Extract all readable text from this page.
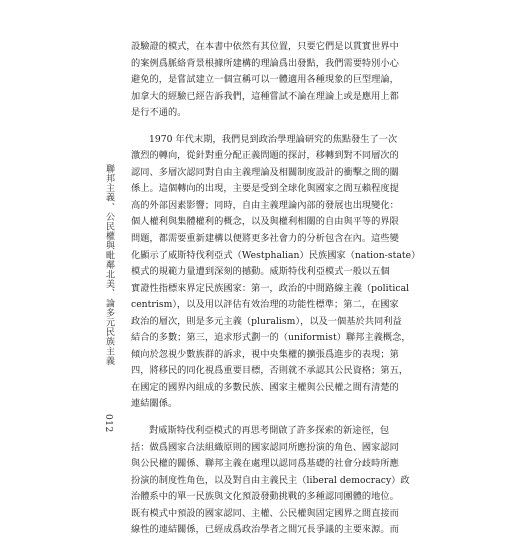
聯邦主義、公民權與毗鄰北美、論多元民族主義
012

設驗證的模式，在本書中依然有其位置，只要它們是以貫實世界中
的案例爲脈絡背景根據所建構的理論爲出發點，我們需要特別小心
避免的，是嘗試建立一個宣稱可以一體適用各種現象的巨型理論，
加拿大的經驗已經告訴我們，這種嘗試不論在理論上或是應用上都
是行不通的。

1970 年代末期，我們見到政治學理論研究的焦點發生了一次
激烈的轉向，從針對重分配正義問題的探討，移轉到對不同層次的
認同、多層次認同對自由主義理論及相關制度設計的衝擊之間的關
係上。這個轉向的出現，主要是受到全球化與國家之間互賴程度提
高的外部因素影響；同時，自由主義理論內部的發展也出現變化：
個人權利與集體權利的概念，以及與權利相關的自由與平等的界限
問題，都需要重新建構以便將更多社會力的分析包含在內。這些變
化顯示了威斯特伐利亞式（Westphalian）民族國家（nation-state）
模式的規範力量遭到深刻的撼動。威斯特伐利亞模式一般以五個
實證性指標來界定民族國家：第一，政治的中間路線主義（political
centrism），以及用以評估有效治理的功能性標準；第二，在國家
政治的層次，則是多元主義（pluralism），以及一個基於共同利益
結合的多數；第三，追求形式劃一的（uniformist）聯邦主義概念，
傾向於忽視少數族群的訴求，視中央集權的擴張爲進步的表現；第
四，將移民的同化視爲重要目標，否則就不承認其公民資格；第五，
在國定的國界內組成的多數民族、國家主權與公民權之間有清楚的
連結關係。

對威斯特伐利亞模式的再思考開啟了許多探索的新途徑，包
括：做爲國家合法組織原則的國家認同所應扮演的角色、國家認同
與公民權的關係、聯邦主義在處理以認同爲基礎的社會分歧時所應
扮演的制度性角色，以及對自由主義民主（liberal democracy）政
治體系中的單一民族與文化預設發動挑戰的多種認同團體的地位。
既有模式中預設的國家認同、主權、公民權與固定國界之間直接而
線性的連結關係，已經成爲政治學者之間冗長爭議的主要來源。而
